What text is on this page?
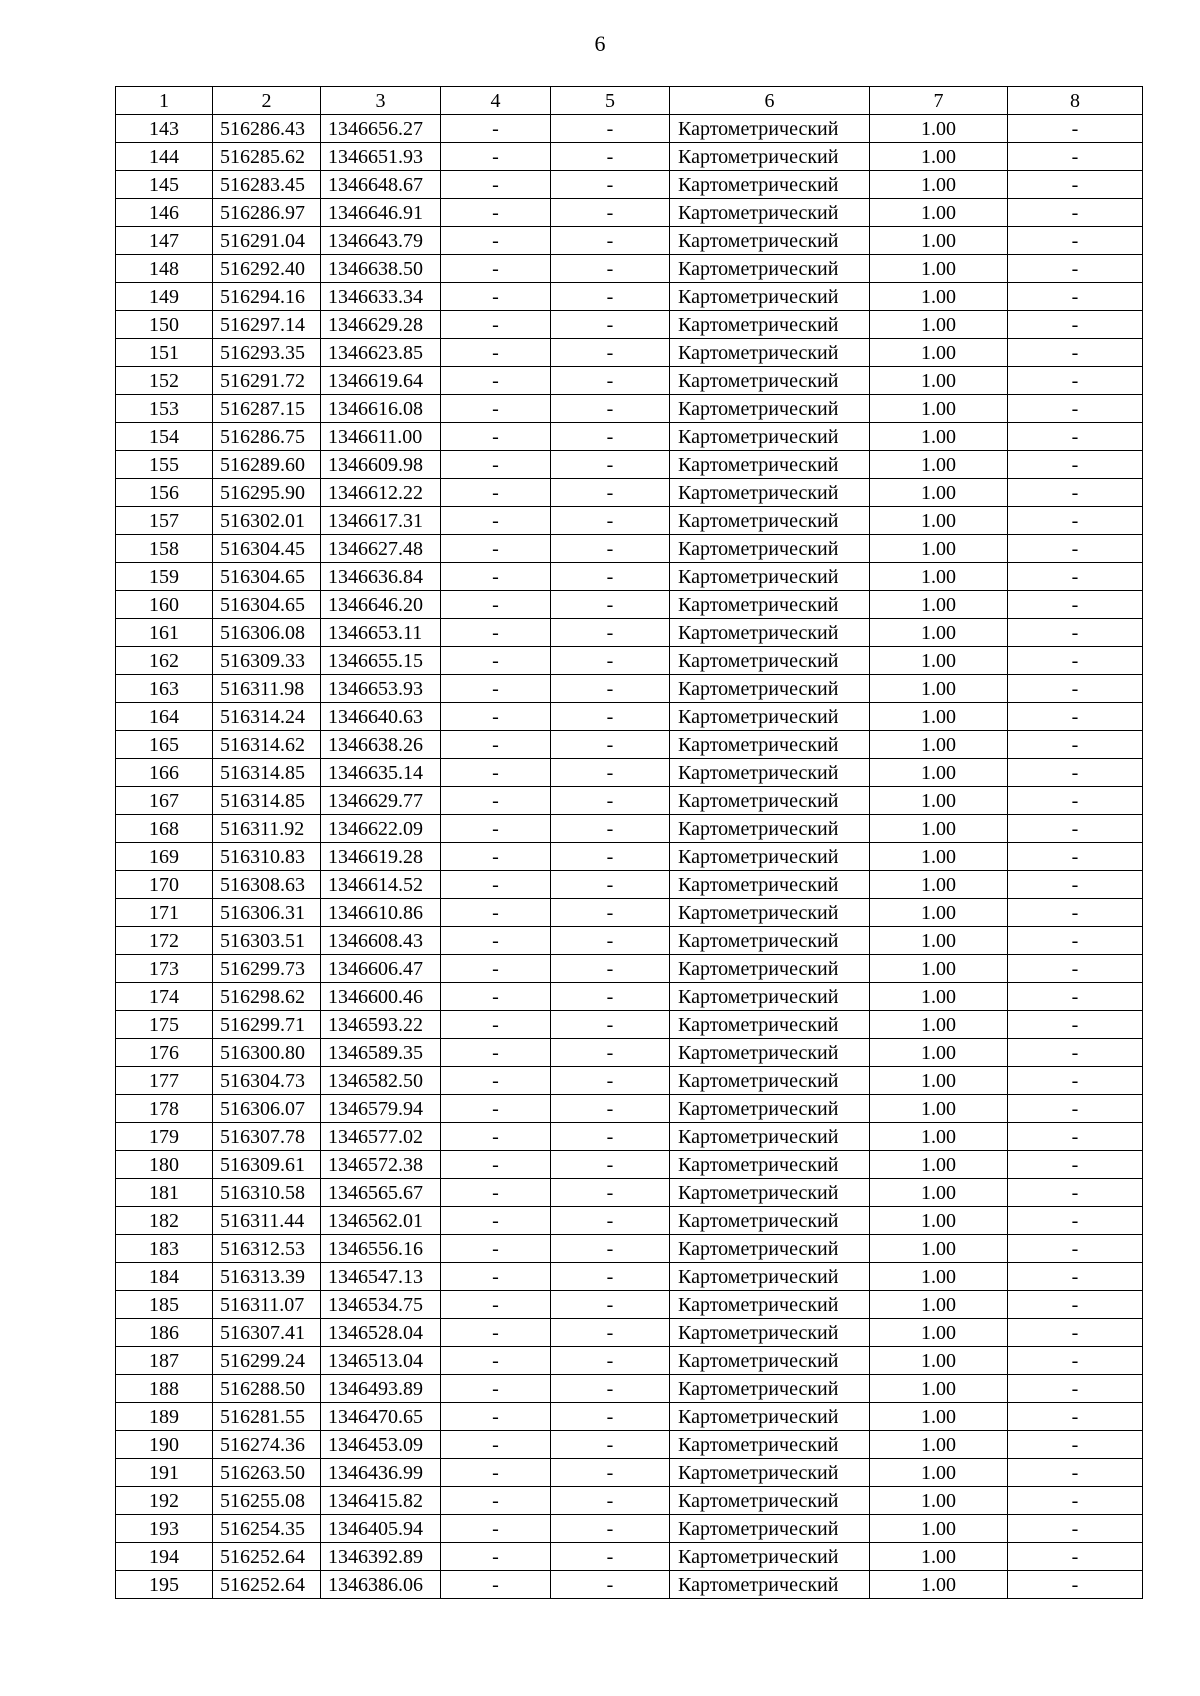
6
1	2	3	4	5	6	7	8
143	516286.43	1346656.27	-	-	Картометрический	1.00	-
144	516285.62	1346651.93	-	-	Картометрический	1.00	-
145	516283.45	1346648.67	-	-	Картометрический	1.00	-
146	516286.97	1346646.91	-	-	Картометрический	1.00	-
147	516291.04	1346643.79	-	-	Картометрический	1.00	-
148	516292.40	1346638.50	-	-	Картометрический	1.00	-
149	516294.16	1346633.34	-	-	Картометрический	1.00	-
150	516297.14	1346629.28	-	-	Картометрический	1.00	-
151	516293.35	1346623.85	-	-	Картометрический	1.00	-
152	516291.72	1346619.64	-	-	Картометрический	1.00	-
153	516287.15	1346616.08	-	-	Картометрический	1.00	-
154	516286.75	1346611.00	-	-	Картометрический	1.00	-
155	516289.60	1346609.98	-	-	Картометрический	1.00	-
156	516295.90	1346612.22	-	-	Картометрический	1.00	-
157	516302.01	1346617.31	-	-	Картометрический	1.00	-
158	516304.45	1346627.48	-	-	Картометрический	1.00	-
159	516304.65	1346636.84	-	-	Картометрический	1.00	-
160	516304.65	1346646.20	-	-	Картометрический	1.00	-
161	516306.08	1346653.11	-	-	Картометрический	1.00	-
162	516309.33	1346655.15	-	-	Картометрический	1.00	-
163	516311.98	1346653.93	-	-	Картометрический	1.00	-
164	516314.24	1346640.63	-	-	Картометрический	1.00	-
165	516314.62	1346638.26	-	-	Картометрический	1.00	-
166	516314.85	1346635.14	-	-	Картометрический	1.00	-
167	516314.85	1346629.77	-	-	Картометрический	1.00	-
168	516311.92	1346622.09	-	-	Картометрический	1.00	-
169	516310.83	1346619.28	-	-	Картометрический	1.00	-
170	516308.63	1346614.52	-	-	Картометрический	1.00	-
171	516306.31	1346610.86	-	-	Картометрический	1.00	-
172	516303.51	1346608.43	-	-	Картометрический	1.00	-
173	516299.73	1346606.47	-	-	Картометрический	1.00	-
174	516298.62	1346600.46	-	-	Картометрический	1.00	-
175	516299.71	1346593.22	-	-	Картометрический	1.00	-
176	516300.80	1346589.35	-	-	Картометрический	1.00	-
177	516304.73	1346582.50	-	-	Картометрический	1.00	-
178	516306.07	1346579.94	-	-	Картометрический	1.00	-
179	516307.78	1346577.02	-	-	Картометрический	1.00	-
180	516309.61	1346572.38	-	-	Картометрический	1.00	-
181	516310.58	1346565.67	-	-	Картометрический	1.00	-
182	516311.44	1346562.01	-	-	Картометрический	1.00	-
183	516312.53	1346556.16	-	-	Картометрический	1.00	-
184	516313.39	1346547.13	-	-	Картометрический	1.00	-
185	516311.07	1346534.75	-	-	Картометрический	1.00	-
186	516307.41	1346528.04	-	-	Картометрический	1.00	-
187	516299.24	1346513.04	-	-	Картометрический	1.00	-
188	516288.50	1346493.89	-	-	Картометрический	1.00	-
189	516281.55	1346470.65	-	-	Картометрический	1.00	-
190	516274.36	1346453.09	-	-	Картометрический	1.00	-
191	516263.50	1346436.99	-	-	Картометрический	1.00	-
192	516255.08	1346415.82	-	-	Картометрический	1.00	-
193	516254.35	1346405.94	-	-	Картометрический	1.00	-
194	516252.64	1346392.89	-	-	Картометрический	1.00	-
195	516252.64	1346386.06	-	-	Картометрический	1.00	-
